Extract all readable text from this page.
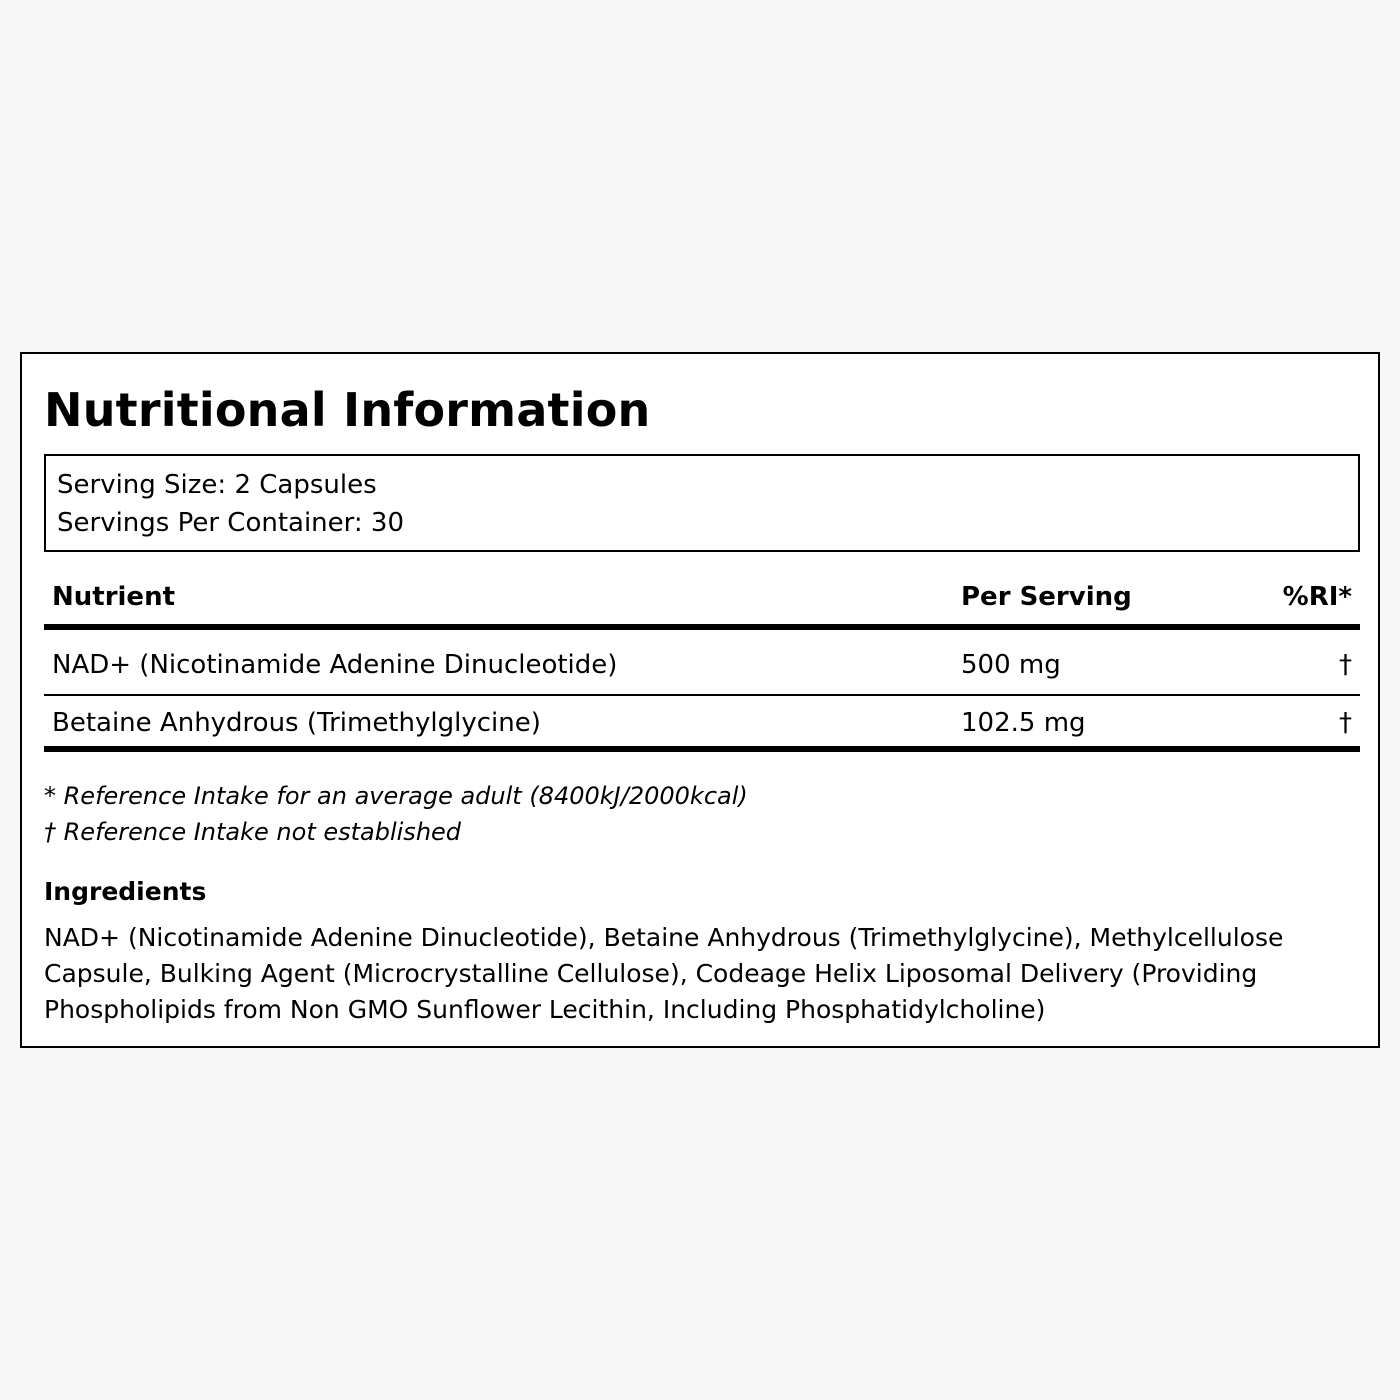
Nutritional Information
Serving Size: 2 Capsules
Servings Per Container: 30
Nutrient	Per Serving	%RI*
NAD+ (Nicotinamide Adenine Dinucleotide)	500 mg	†
Betaine Anhydrous (Trimethylglycine)	102.5 mg	†
* Reference Intake for an average adult (8400kJ/2000kcal)
† Reference Intake not established
Ingredients
NAD+ (Nicotinamide Adenine Dinucleotide), Betaine Anhydrous (Trimethylglycine), Methylcellulose Capsule, Bulking Agent (Microcrystalline Cellulose), Codeage Helix Liposomal Delivery (Providing Phospholipids from Non GMO Sunflower Lecithin, Including Phosphatidylcholine)
